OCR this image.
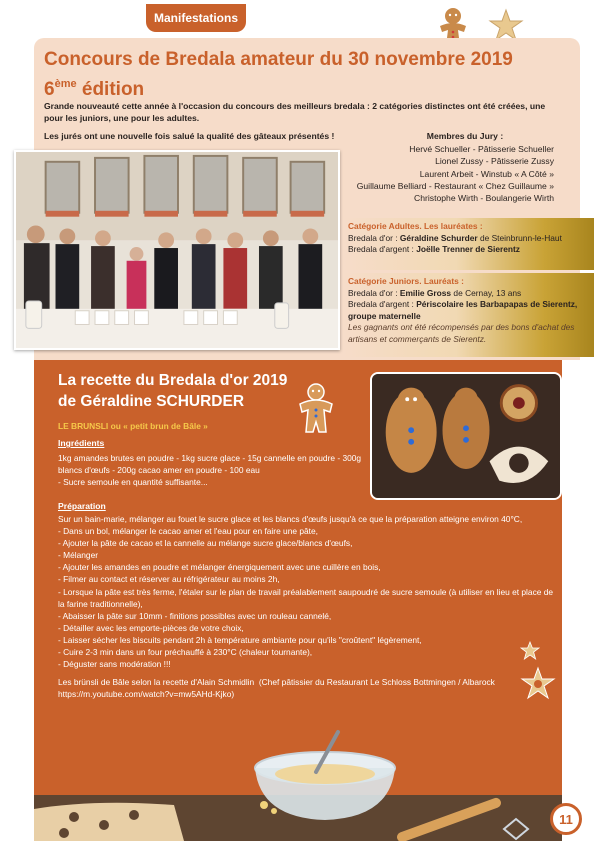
Manifestations
Concours de Bredala amateur du 30 novembre 2019
6ème édition
Grande nouveauté cette année à l'occasion du concours des meilleurs bredala : 2 catégories distinctes ont été créées, une pour les juniors, une pour les adultes.
Les jurés ont une nouvelle fois salué la qualité des gâteaux présentés !	Membres du Jury :
Hervé Schueller - Pâtisserie Schueller
Lionel Zussy - Pâtisserie Zussy
Laurent Arbeit - Winstub « A Côté »
Guillaume Belliard - Restaurant « Chez Guillaume »
Christophe Wirth - Boulangerie Wirth
Catégorie Adultes. Les lauréates :
Bredala d'or : Géraldine Schurder de Steinbrunn-le-Haut
Bredala d'argent : Joëlle Trenner de Sierentz
Catégorie Juniors. Lauréats :
Bredala d'or : Emilie Gross de Cernay, 13 ans
Bredala d'argent : Périscolaire les Barbapapas de Sierentz, groupe maternelle
Les gagnants ont été récompensés par des bons d'achat des artisans et commerçants de Sierentz.
La recette du Bredala d'or 2019
de Géraldine SCHURDER
LE BRUNSLI ou « petit brun de Bâle »
Ingrédients
1kg amandes brutes en poudre - 1kg sucre glace - 15g cannelle en poudre - 300g blancs d'œufs - 200g cacao amer en poudre - 100 eau
- Sucre semoule en quantité suffisante...
Préparation
Sur un bain-marie, mélanger au fouet le sucre glace et les blancs d'œufs jusqu'à ce que la préparation atteigne environ 40°C,
- Dans un bol, mélanger le cacao amer et l'eau pour en faire une pâte,
- Ajouter la pâte de cacao et la cannelle au mélange sucre glace/blancs d'œufs,
- Mélanger
- Ajouter les amandes en poudre et mélanger énergiquement avec une cuillère en bois,
- Filmer au contact et réserver au réfrigérateur au moins 2h,
- Lorsque la pâte est très ferme, l'étaler sur le plan de travail préalablement saupoudré de sucre semoule (à utiliser en lieu et place de la farine traditionnelle),
- Abaisser la pâte sur 10mm - finitions possibles avec un rouleau cannelé,
- Détailler avec les emporte-pièces de votre choix,
- Laisser sécher les biscuits pendant 2h à température ambiante pour qu'ils "croûtent" légèrement,
- Cuire 2-3 min dans un four préchauffé à 230°C (chaleur tournante),
- Déguster sans modération !!!
Les brünsli de Bâle selon la recette d'Alain Schmidlin  (Chef pâtissier du Restaurant Le Schloss Bottmingen / Albarock
https://m.youtube.com/watch?v=mw5AHd-Kjko)
11
